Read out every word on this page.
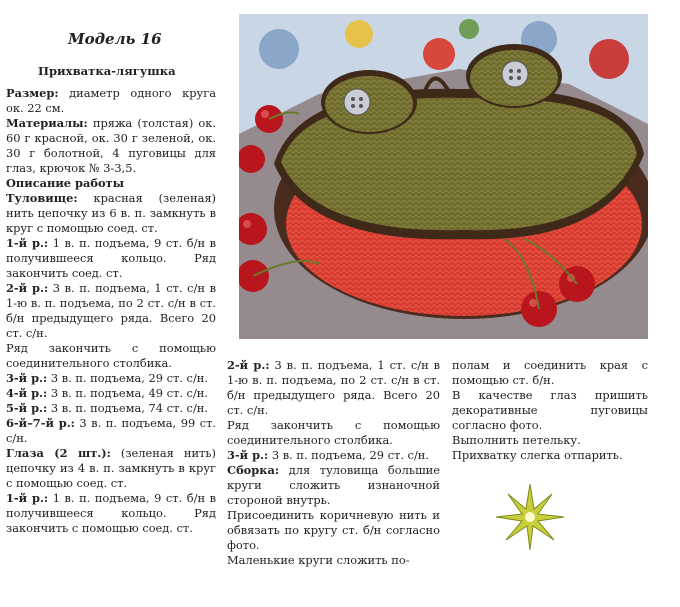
Модель 16
Прихватка-лягушка

Размер: диаметр одного круга ок. 22 см.

Материалы: пряжа (толстая) ок. 60 г красной, ок. 30 г зеленой, ок. 30 г болотной, 4 пуговицы для глаз, крючок № 3-3,5.

Описание работы

Туловище: красная (зеленая) нить цепочку из 6 в. п. замкнуть в круг с помощью соед. ст.

1-й р.: 1 в. п. подъема, 9 ст. б/н в получившееся кольцо. Ряд закончить соед. ст.

2-й р.: 3 в. п. подъема, 1 ст. с/н в 1-ю в. п. подъема, по 2 ст. с/н в ст. б/н предыдущего ряда. Всего 20 ст. с/н.

Ряд закончить с помощью соединительного столбика.

3-й р.: 3 в. п. подъема, 29 ст. с/н.

4-й р.: 3 в. п. подъема, 49 ст. с/н.

5-й р.: 3 в. п. подъема, 74 ст. с/н.

6-й–7-й р.: 3 в. п. подъема, 99 ст. с/н.

Глаза (2 шт.): (зеленая нить) цепочку из 4 в. п. замкнуть в круг с помощью соед. ст.

1-й р.: 1 в. п. подъема, 9 ст. б/н в получившееся кольцо. Ряд закончить с помощью соед. ст.

2-й р.: 3 в. п. подъема, 1 ст. с/н в 1-ю в. п. подъема, по 2 ст. с/н в ст. б/н предыдущего ряда. Всего 20 ст. с/н.

Ряд закончить с помощью соединительного столбика.

3-й р.: 3 в. п. подъема, 29 ст. с/н.

Сборка: для туловища большие круги сложить изнаночной стороной внутрь.

Присоединить коричневую нить и обвязать по кругу ст. б/н согласно фото.

Маленькие круги сложить по-

полам и соединить края с помощью ст. б/н.

В качестве глаз пришить декоративные пуговицы согласно фото.

Выполнить петельку.

Прихватку слегка отпарить.
